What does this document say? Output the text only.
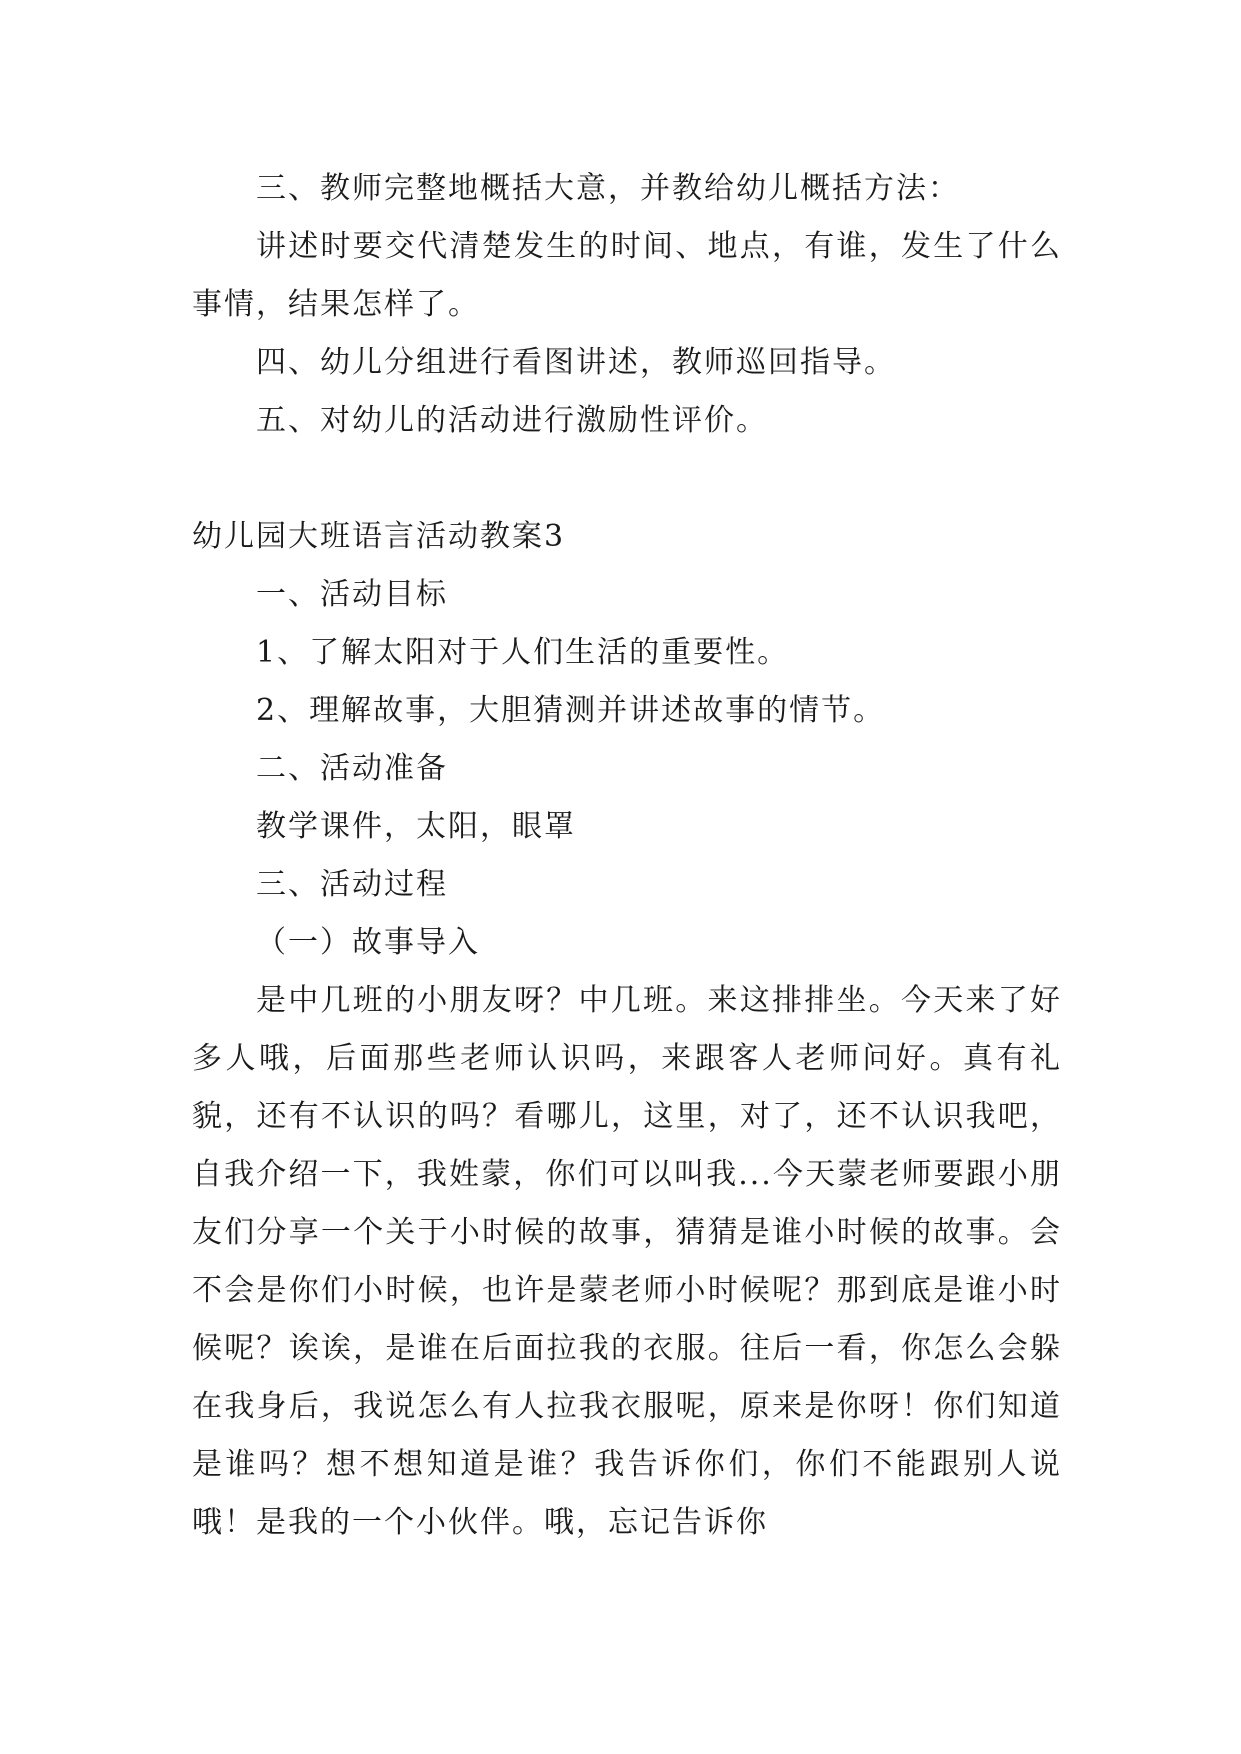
三、教师完整地概括大意，并教给幼儿概括方法：

讲述时要交代清楚发生的时间、地点，有谁，发生了什么事情，结果怎样了。

四、幼儿分组进行看图讲述，教师巡回指导。

五、对幼儿的活动进行激励性评价。

幼儿园大班语言活动教案3

一、活动目标

1、了解太阳对于人们生活的重要性。

2、理解故事，大胆猜测并讲述故事的情节。

二、活动准备

教学课件，太阳，眼罩

三、活动过程

（一）故事导入

是中几班的小朋友呀？中几班。来这排排坐。今天来了好多人哦，后面那些老师认识吗，来跟客人老师问好。真有礼貌，还有不认识的吗？看哪儿，这里，对了，还不认识我吧，自我介绍一下，我姓蒙，你们可以叫我...今天蒙老师要跟小朋友们分享一个关于小时候的故事，猜猜是谁小时候的故事。会不会是你们小时候，也许是蒙老师小时候呢？那到底是谁小时候呢？诶诶，是谁在后面拉我的衣服。往后一看，你怎么会躲在我身后，我说怎么有人拉我衣服呢，原来是你呀！你们知道是谁吗？想不想知道是谁？我告诉你们，你们不能跟别人说哦！是我的一个小伙伴。哦，忘记告诉你
